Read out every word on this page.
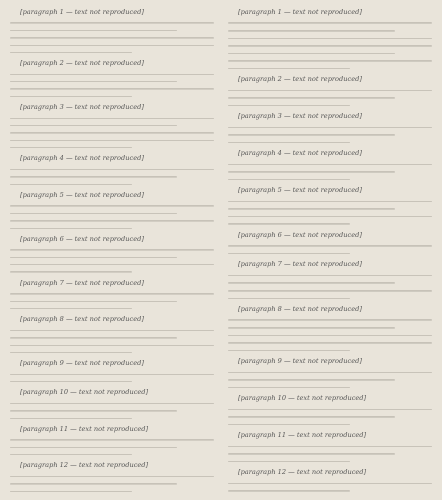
[paragraph 1 — text not reproduced]
[paragraph 2 — text not reproduced]
[paragraph 3 — text not reproduced]
[paragraph 4 — text not reproduced]
[paragraph 5 — text not reproduced]
[paragraph 6 — text not reproduced]
[paragraph 7 — text not reproduced]
[paragraph 8 — text not reproduced]
[paragraph 9 — text not reproduced]
[paragraph 10 — text not reproduced]
[paragraph 11 — text not reproduced]
[paragraph 12 — text not reproduced]
[paragraph 1 — text not reproduced]
[paragraph 2 — text not reproduced]
[paragraph 3 — text not reproduced]
[paragraph 4 — text not reproduced]
[paragraph 5 — text not reproduced]
[paragraph 6 — text not reproduced]
[paragraph 7 — text not reproduced]
[paragraph 8 — text not reproduced]
[paragraph 9 — text not reproduced]
[paragraph 10 — text not reproduced]
[paragraph 11 — text not reproduced]
[paragraph 12 — text not reproduced]
